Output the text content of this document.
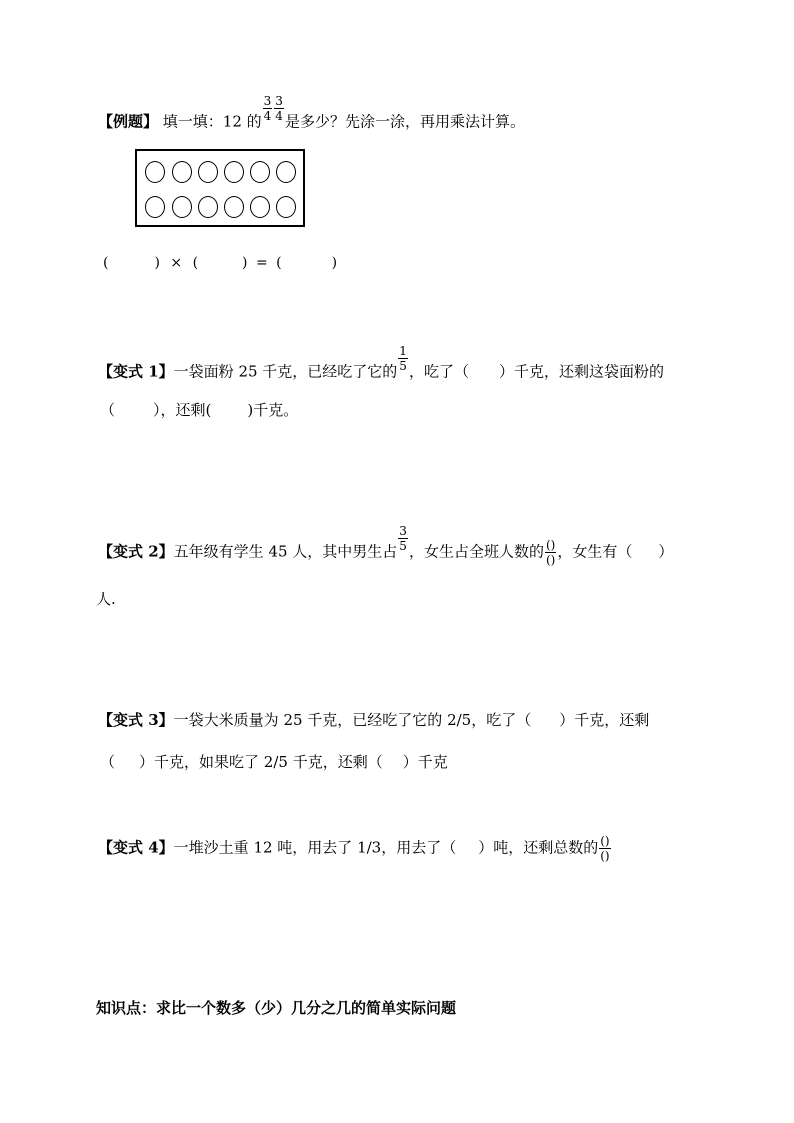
【例题】 填一填：12 的 $\frac{3}{4} \frac{3}{4}$ 是多少？先涂一涂，再用乘法计算。
(	) × (	) = (	)
【变式 1】一袋面粉 25 千克，已经吃了它的 $\frac{1}{5}$ ，吃了（ ）千克，还剩这袋面粉的
（	），还剩( )千克。
【变式 2】五年级有学生 45 人，其中男生占 $\frac{3}{5}$ ，女生占全班人数的 $\frac{()}{()}$ ，女生有（ ）
人.
【变式 3】一袋大米质量为 25 千克，已经吃了它的 2/5，吃了（ ）千克，还剩
（ ）千克，如果吃了 2/5 千克，还剩（ ）千克
【变式 4】一堆沙土重 12 吨，用去了 1/3，用去了（ ）吨，还剩总数的 $\frac{()}{()}$
知识点：求比一个数多（少）几分之几的简单实际问题
